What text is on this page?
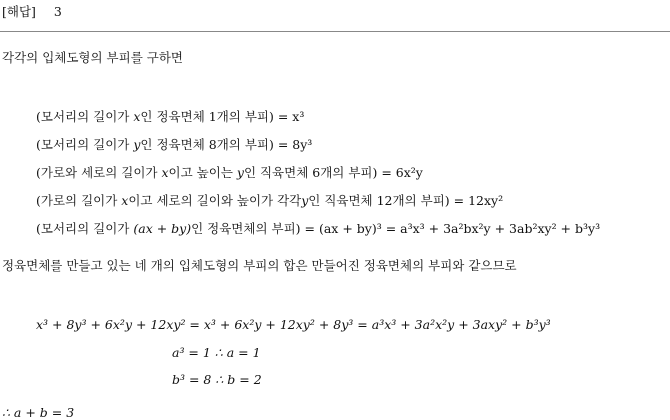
[해답] 3
각각의 입체도형의 부피를 구하면
(모서리의 길이가 x인 정육면체 1개의 부피) = x³
(모서리의 길이가 y인 정육면체 8개의 부피) = 8y³
(가로와 세로의 길이가 x이고 높이는 y인 직육면체 6개의 부피) = 6x²y
(가로의 길이가 x이고 세로의 길이와 높이가 각각y인 직육면체 12개의 부피) = 12xy²
(모서리의 길이가 (ax + by)인 정육면체의 부피) = (ax + by)³ = a³x³ + 3a²bx²y + 3ab²xy² + b³y³
정육면체를 만들고 있는 네 개의 입체도형의 부피의 합은 만들어진 정육면체의 부피와 같으므로
x³ + 8y³ + 6x²y + 12xy² = x³ + 6x²y + 12xy² + 8y³ = a³x³ + 3a²x²y + 3axy² + b³y³
a³ = 1 ∴ a = 1
b³ = 8 ∴ b = 2
∴ a + b = 3
